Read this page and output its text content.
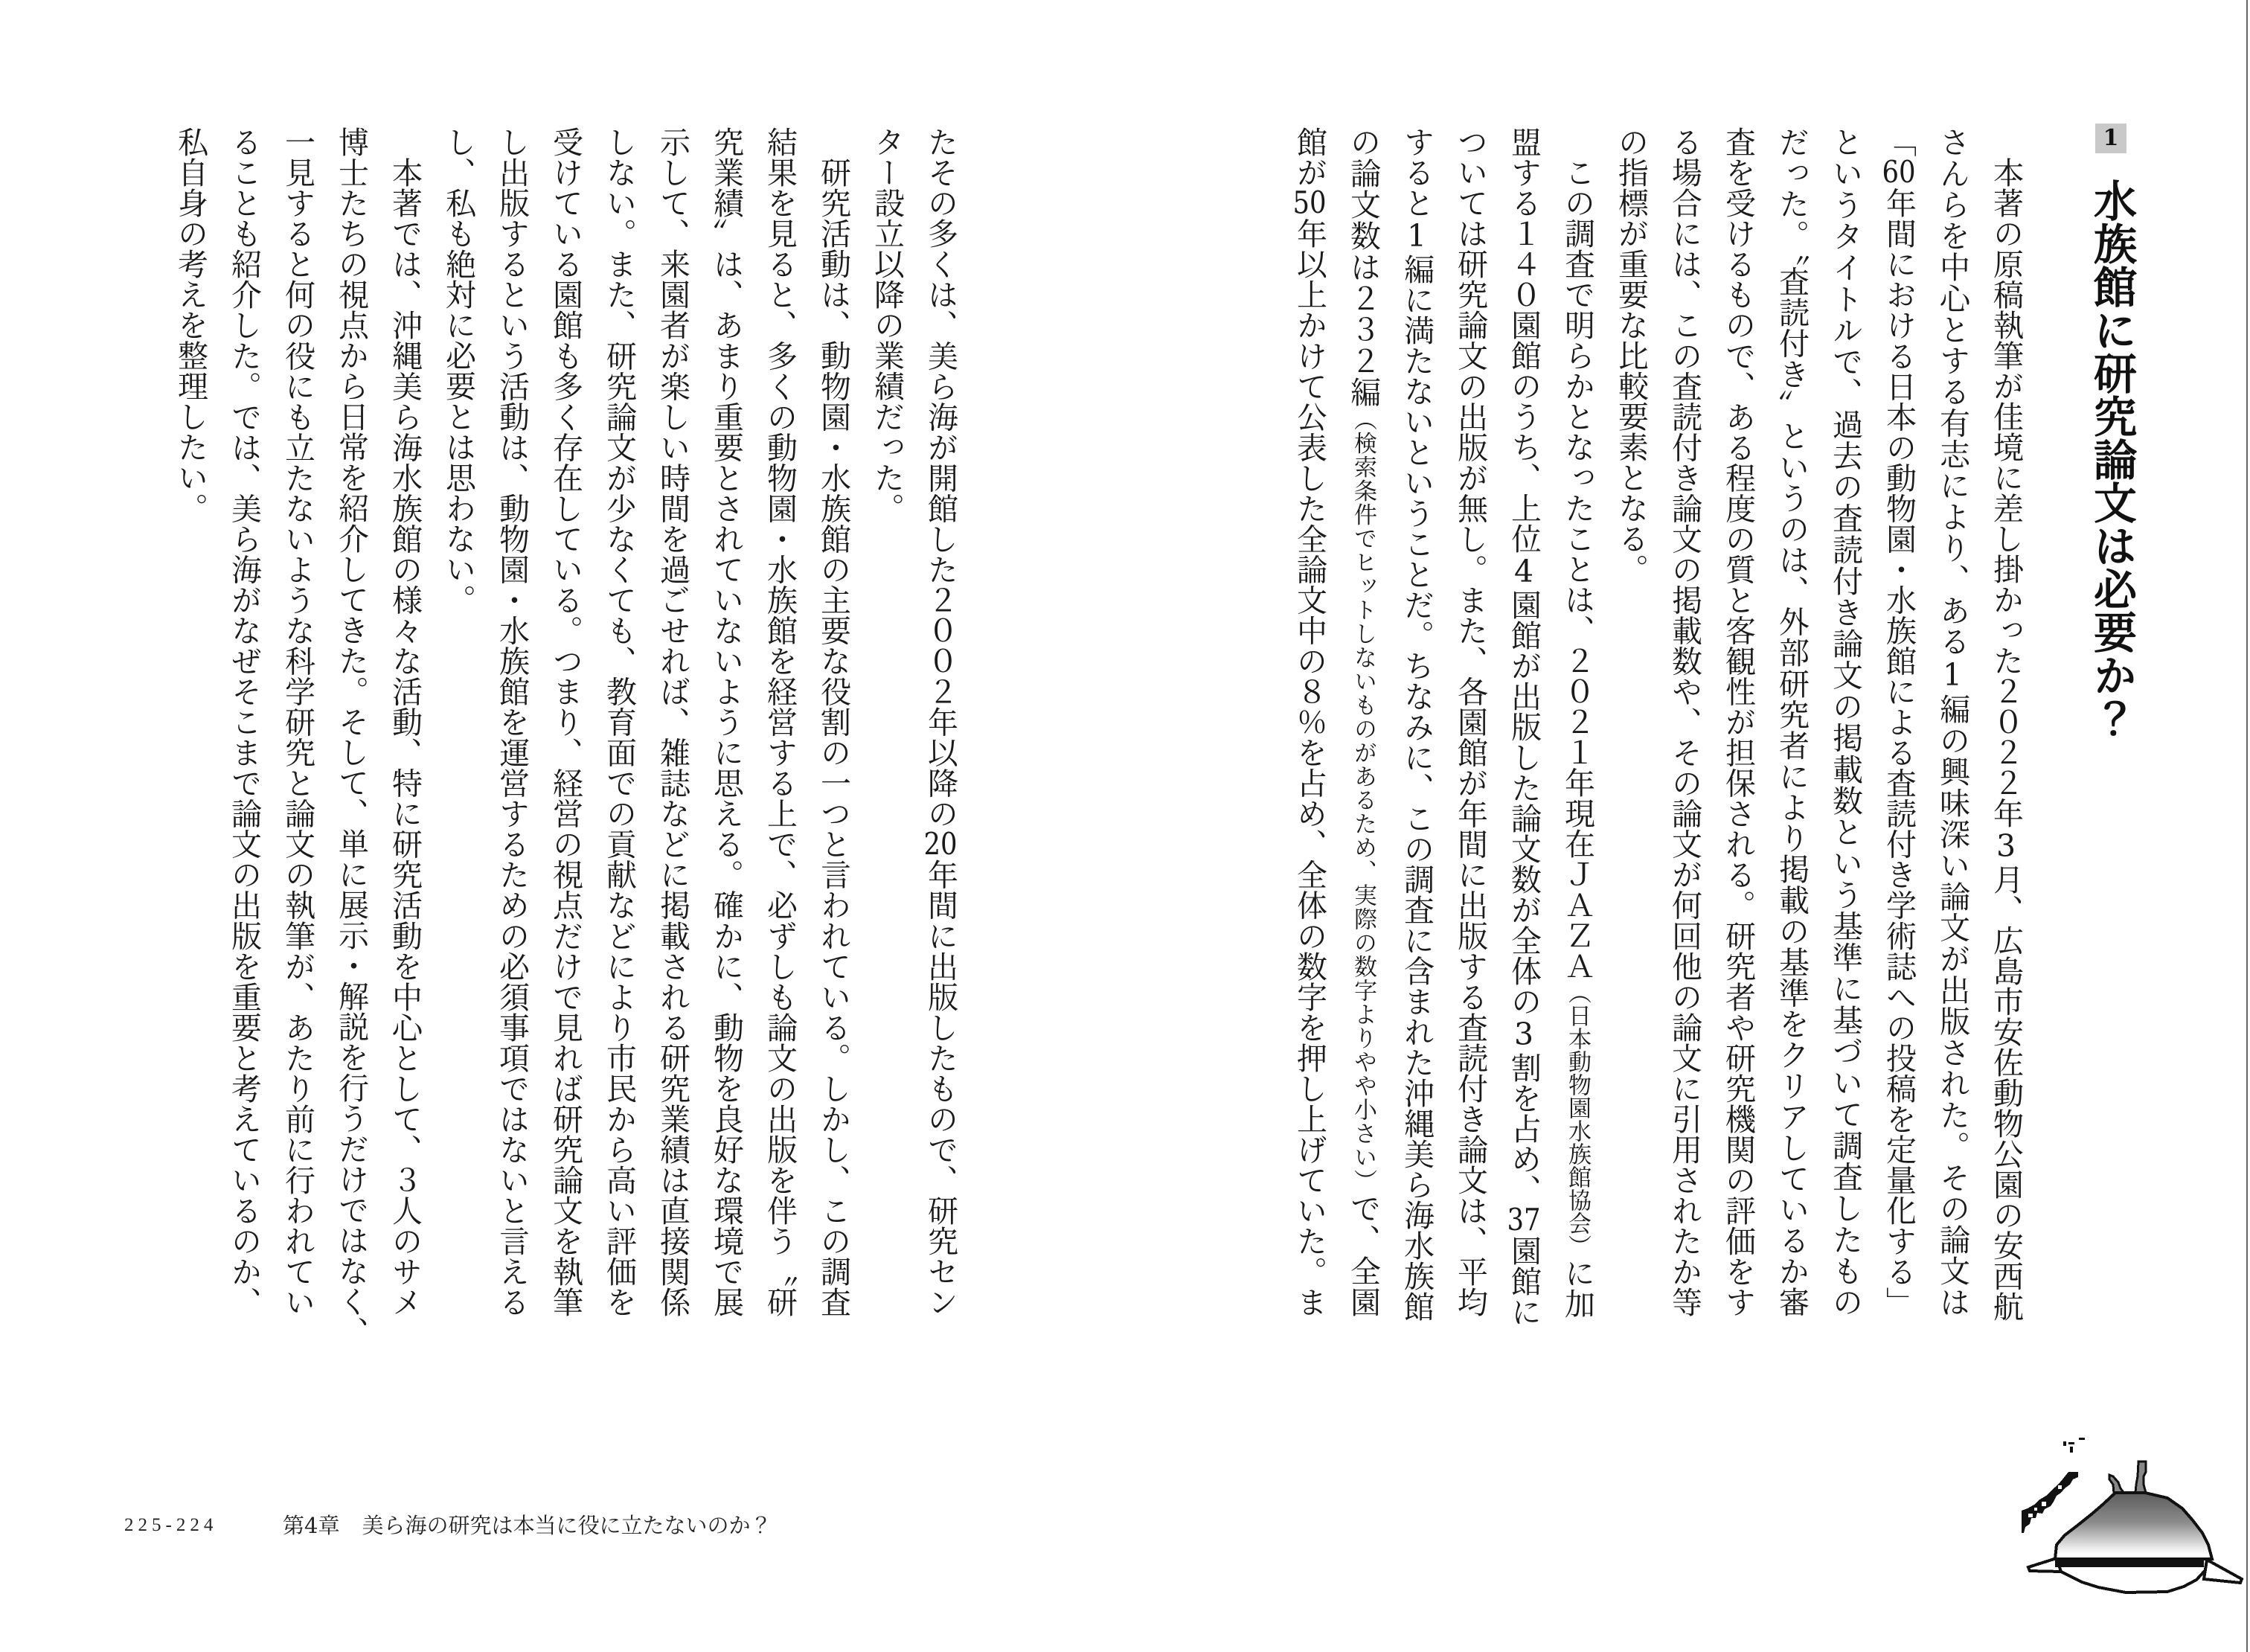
たその多くは、美ら海が開館した２００２年以降の20年間に出版したもので、研究セン
ター設立以降の業績だった。
研究活動は、動物園・水族館の主要な役割の一つと言われている。しかし、この調査
結果を見ると、多くの動物園・水族館を経営する上で、必ずしも論文の出版を伴う〝研
究業績〟は、あまり重要とされていないように思える。確かに、動物を良好な環境で展
示して、来園者が楽しい時間を過ごせれば、雑誌などに掲載される研究業績は直接関係
しない。また、研究論文が少なくても、教育面での貢献などにより市民から高い評価を
受けている園館も多く存在している。つまり、経営の視点だけで見れば研究論文を執筆
し出版するという活動は、動物園・水族館を運営するための必須事項ではないと言える
し、私も絶対に必要とは思わない。
本著では、沖縄美ら海水族館の様々な活動、特に研究活動を中心として、３人のサメ
博士たちの視点から日常を紹介してきた。そして、単に展示・解説を行うだけではなく、
一見すると何の役にも立たないような科学研究と論文の執筆が、あたり前に行われてい
ることも紹介した。では、美ら海がなぜそこまで論文の出版を重要と考えているのか、
私自身の考えを整理したい。
225-224	第4章 美ら海の研究は本当に役に立たないのか？
1
水族館に研究論文は必要か？
本著の原稿執筆が佳境に差し掛かった２０２２年3月、広島市安佐動物公園の安西航
さんらを中心とする有志により、ある1編の興味深い論文が出版された。その論文は
「60年間における日本の動物園・水族館による査読付き学術誌への投稿を定量化する」
というタイトルで、過去の査読付き論文の掲載数という基準に基づいて調査したもの
だった。〝査読付き〟というのは、外部研究者により掲載の基準をクリアしているか審
査を受けるもので、ある程度の質と客観性が担保される。研究者や研究機関の評価をす
る場合には、この査読付き論文の掲載数や、その論文が何回他の論文に引用されたか等
の指標が重要な比較要素となる。
この調査で明らかとなったことは、２０２１年現在ＪＡＺＡ（日本動物園水族館協会）に加
盟する１４０園館のうち、上位4園館が出版した論文数が全体の3割を占め、37園館に
ついては研究論文の出版が無し。また、各園館が年間に出版する査読付き論文は、平均
すると1編に満たないということだ。ちなみに、この調査に含まれた沖縄美ら海水族館
の論文数は２３２編（検索条件でヒットしないものがあるため、実際の数字よりやや小さい）で、全園
館が50年以上かけて公表した全論文中の８％を占め、全体の数字を押し上げていた。ま
